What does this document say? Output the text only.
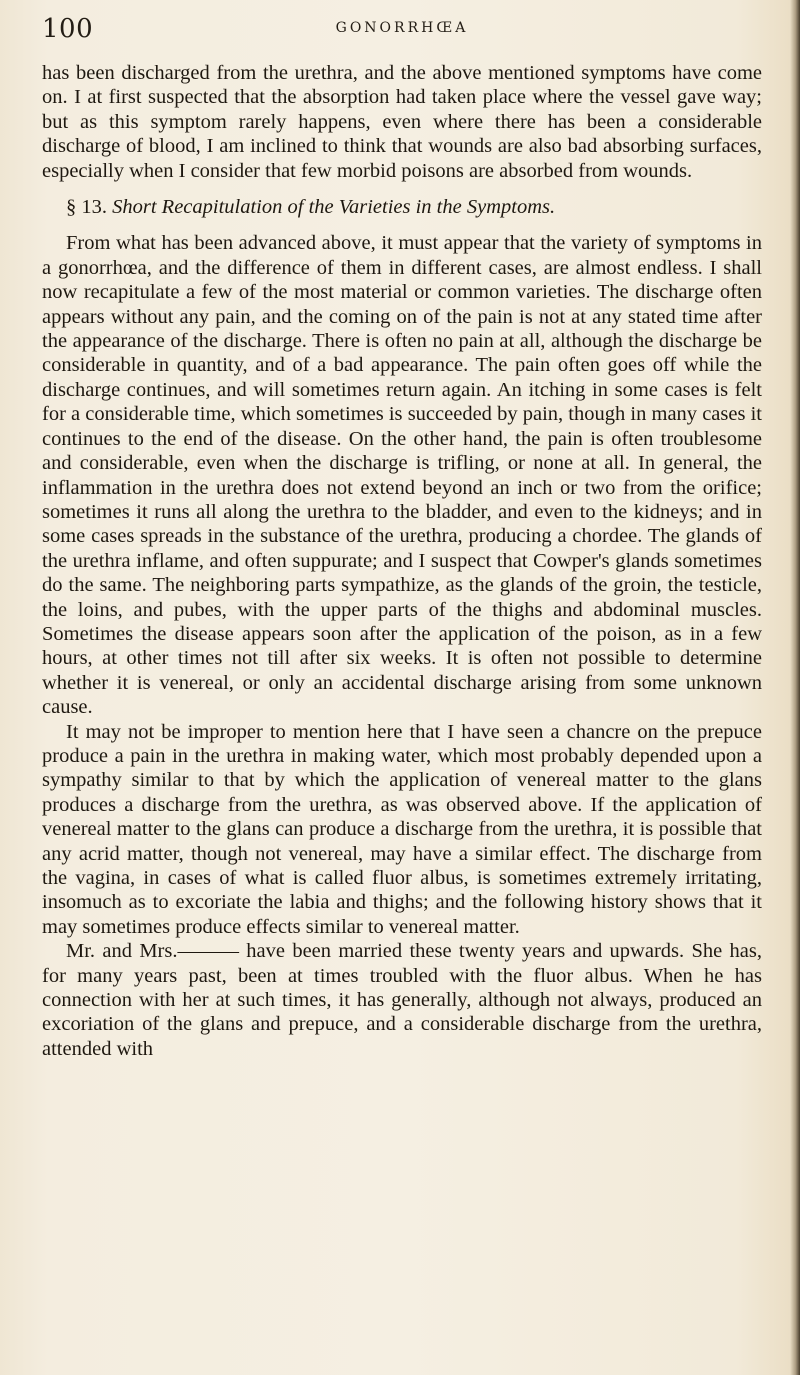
100	GONORRHŒA

has been discharged from the urethra, and the above mentioned symptoms have come on. I at first suspected that the absorption had taken place where the vessel gave way; but as this symptom rarely happens, even where there has been a considerable discharge of blood, I am inclined to think that wounds are also bad absorbing surfaces, especially when I consider that few morbid poisons are absorbed from wounds.

§ 13. Short Recapitulation of the Varieties in the Symptoms.

From what has been advanced above, it must appear that the variety of symptoms in a gonorrhœa, and the difference of them in different cases, are almost endless. I shall now recapitulate a few of the most material or common varieties. The discharge often appears without any pain, and the coming on of the pain is not at any stated time after the appearance of the discharge. There is often no pain at all, although the discharge be considerable in quantity, and of a bad appearance. The pain often goes off while the discharge continues, and will sometimes return again. An itching in some cases is felt for a considerable time, which sometimes is succeeded by pain, though in many cases it continues to the end of the disease. On the other hand, the pain is often troublesome and considerable, even when the discharge is trifling, or none at all. In general, the inflammation in the urethra does not extend beyond an inch or two from the orifice; sometimes it runs all along the urethra to the bladder, and even to the kidneys; and in some cases spreads in the substance of the urethra, producing a chordee. The glands of the urethra inflame, and often suppurate; and I suspect that Cowper's glands sometimes do the same. The neighboring parts sympathize, as the glands of the groin, the testicle, the loins, and pubes, with the upper parts of the thighs and abdominal muscles. Sometimes the disease appears soon after the application of the poison, as in a few hours, at other times not till after six weeks. It is often not possible to determine whether it is venereal, or only an accidental discharge arising from some unknown cause.

It may not be improper to mention here that I have seen a chancre on the prepuce produce a pain in the urethra in making water, which most probably depended upon a sympathy similar to that by which the application of venereal matter to the glans produces a discharge from the urethra, as was observed above. If the application of venereal matter to the glans can produce a discharge from the urethra, it is possible that any acrid matter, though not venereal, may have a similar effect. The discharge from the vagina, in cases of what is called fluor albus, is sometimes extremely irritating, insomuch as to excoriate the labia and thighs; and the following history shows that it may sometimes produce effects similar to venereal matter.

Mr. and Mrs.——— have been married these twenty years and upwards. She has, for many years past, been at times troubled with the fluor albus. When he has connection with her at such times, it has generally, although not always, produced an excoriation of the glans and prepuce, and a considerable discharge from the urethra, attended with
